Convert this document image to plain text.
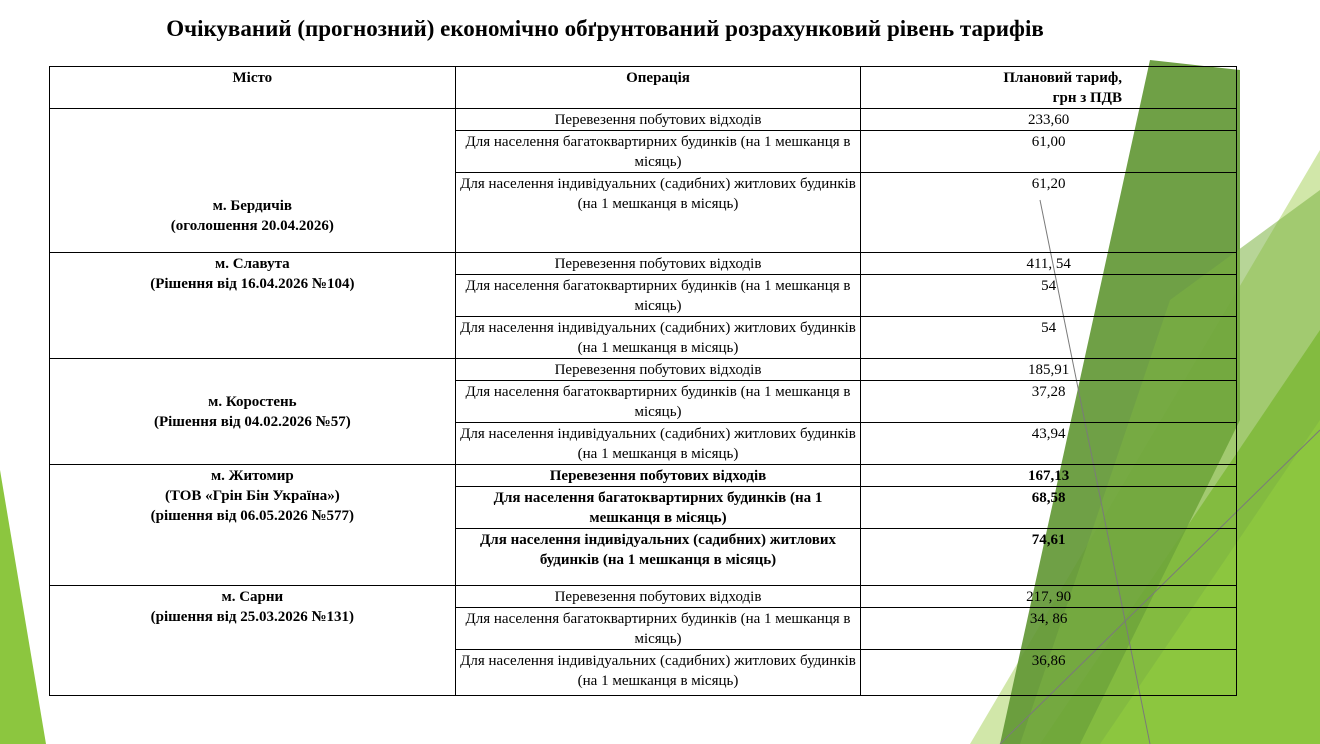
Очікуваний (прогнозний) економічно обґрунтований розрахунковий рівень тарифів
Місто	Операція	Плановий тариф,
грн з ПДВ

м. Бердичів
(оголошення 20.04.2026)	Перевезення побутових відходів	233,60
	Для населення багатоквартирних будинків (на 1 мешканця в місяць)	61,00
	Для населення індивідуальних (садибних) житлових будинків (на 1 мешканця в місяць)	61,20

м. Славута
(Рішення від 16.04.2026 №104)	Перевезення побутових відходів	411, 54
	Для населення багатоквартирних будинків (на 1 мешканця в місяць)	54
	Для населення індивідуальних (садибних) житлових будинків (на 1 мешканця в місяць)	54

м. Коростень
(Рішення від 04.02.2026 №57)	Перевезення побутових відходів	185,91
	Для населення багатоквартирних будинків (на 1 мешканця в місяць)	37,28
	Для населення індивідуальних (садибних) житлових будинків (на 1 мешканця в місяць)	43,94

м. Житомир
(ТОВ «Грін Бін Україна»)
(рішення від 06.05.2026 №577)	Перевезення побутових відходів	167,13
	Для населення багатоквартирних будинків (на 1 мешканця в місяць)	68,58
	Для населення індивідуальних (садибних) житлових будинків (на 1 мешканця в місяць)	74,61

м. Сарни
(рішення від 25.03.2026 №131)	Перевезення побутових відходів	217, 90
	Для населення багатоквартирних будинків (на 1 мешканця в місяць)	34, 86
	Для населення індивідуальних (садибних) житлових будинків (на 1 мешканця в місяць)	36,86
